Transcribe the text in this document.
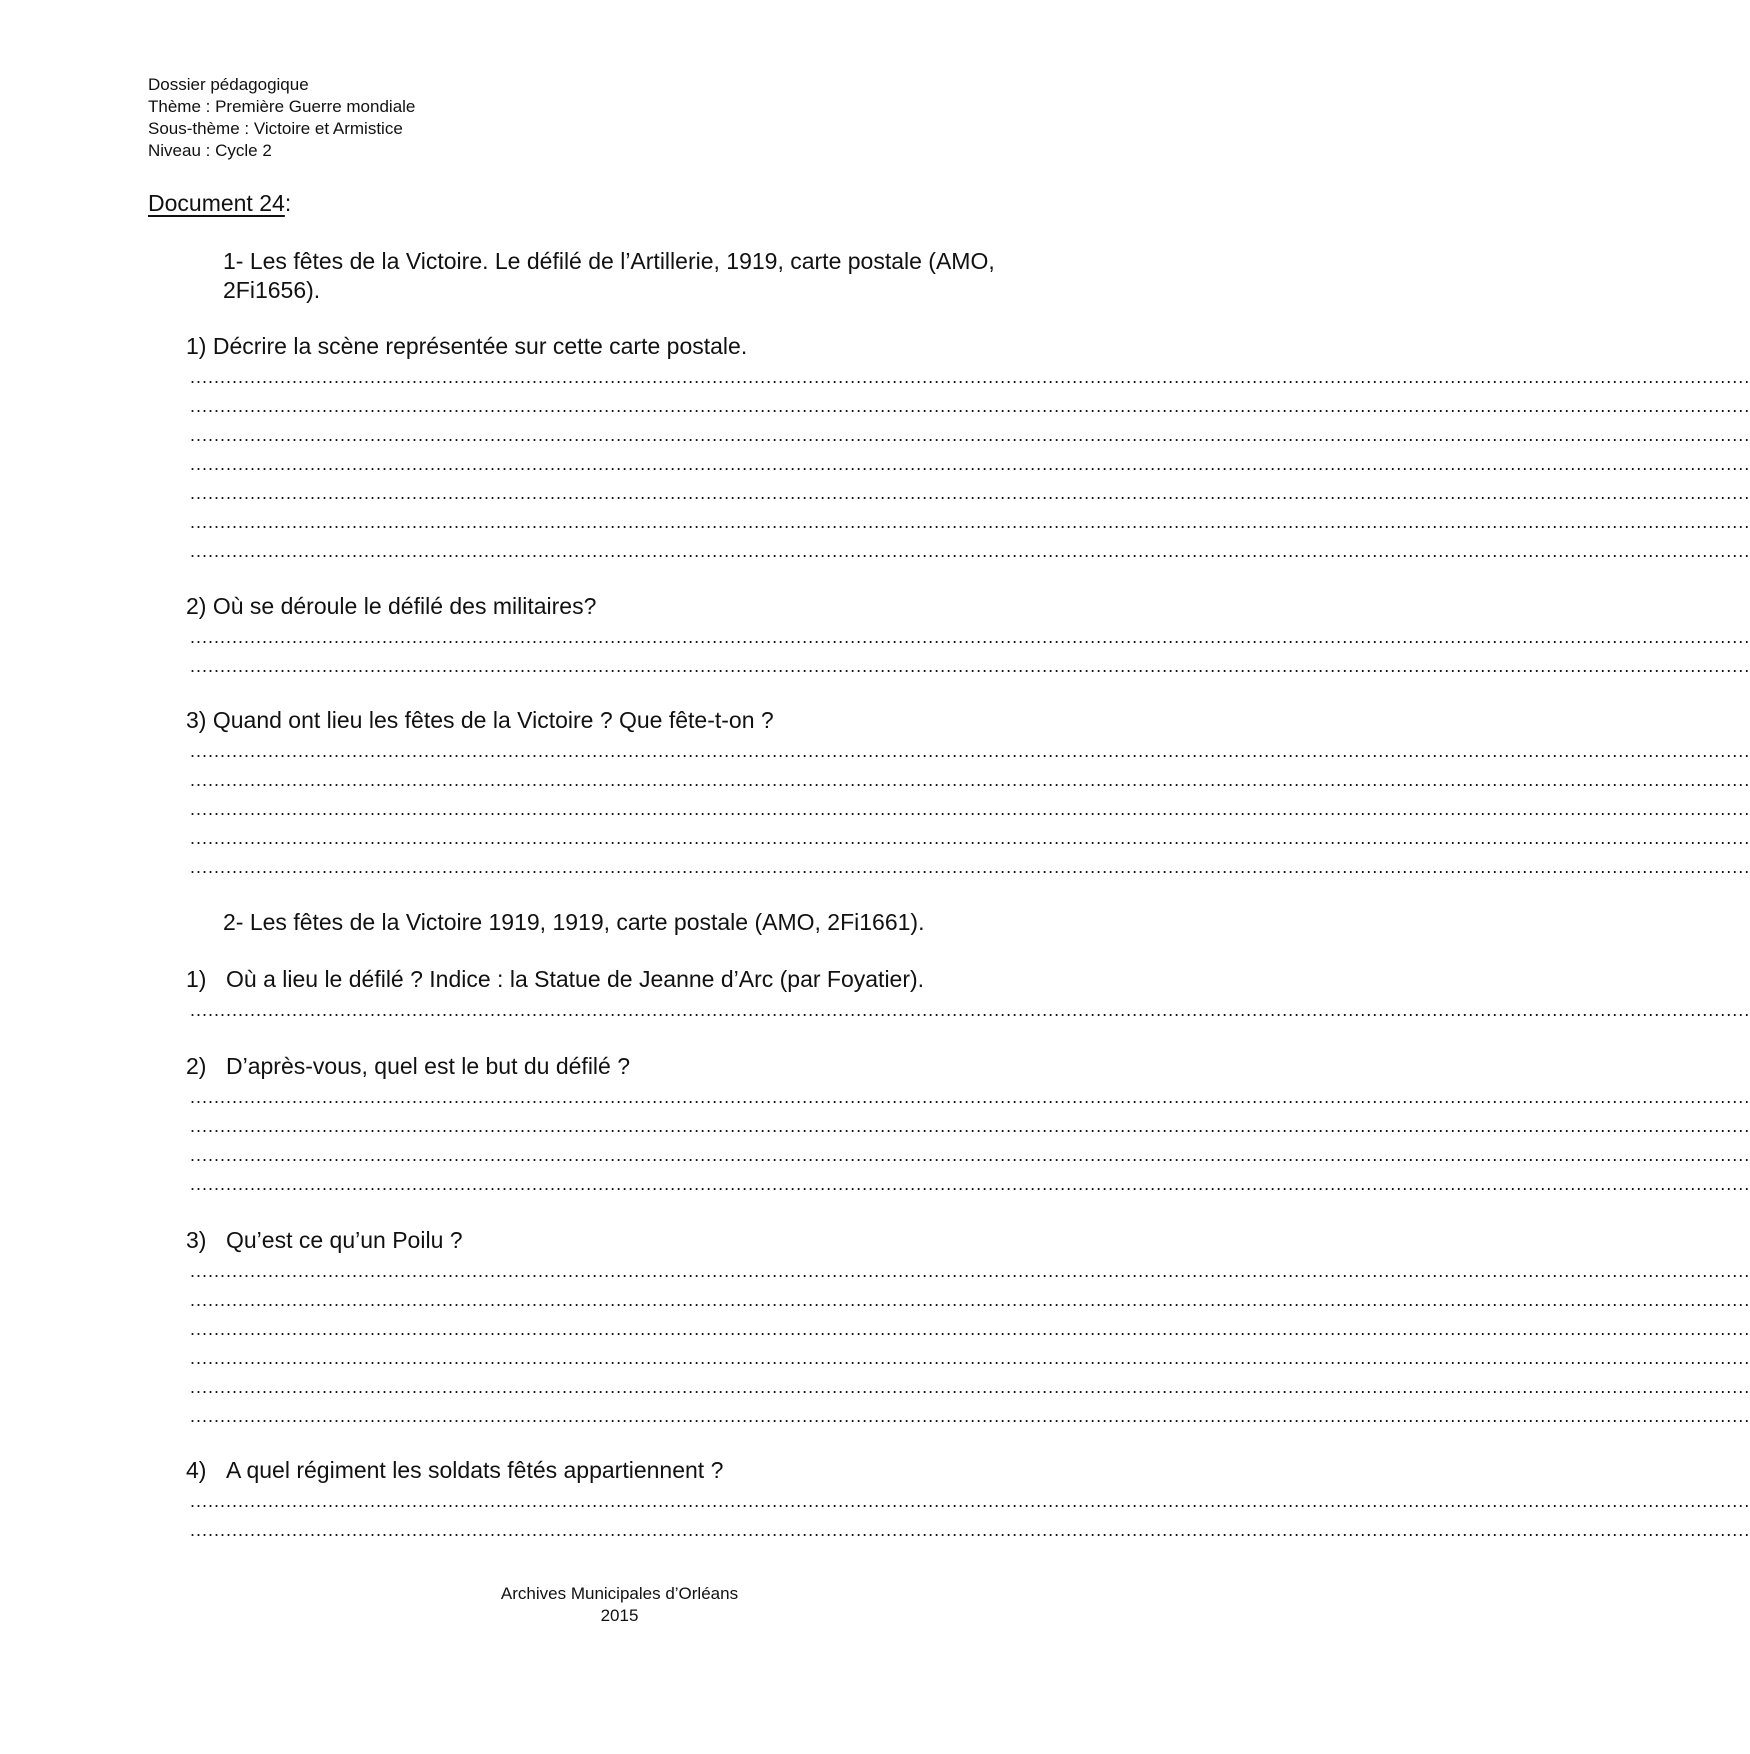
Dossier pédagogique
Thème : Première Guerre mondiale
Sous-thème : Victoire et Armistice
Niveau : Cycle 2
Document 24:
1- Les fêtes de la Victoire. Le défilé de l’Artillerie, 1919, carte postale (AMO, 2Fi1656).
1) Décrire la scène représentée sur cette carte postale.
....................................................................................................................................................................................................................................................................
....................................................................................................................................................................................................................................................................
....................................................................................................................................................................................................................................................................
....................................................................................................................................................................................................................................................................
....................................................................................................................................................................................................................................................................
....................................................................................................................................................................................................................................................................
....................................................................................................................................................................................................................................................................
2) Où se déroule le défilé des militaires?
....................................................................................................................................................................................................................................................................
....................................................................................................................................................................................................................................................................
3) Quand ont lieu les fêtes de la Victoire ? Que fête-t-on ?
....................................................................................................................................................................................................................................................................
....................................................................................................................................................................................................................................................................
....................................................................................................................................................................................................................................................................
....................................................................................................................................................................................................................................................................
....................................................................................................................................................................................................................................................................
2- Les fêtes de la Victoire 1919, 1919, carte postale (AMO, 2Fi1661).
1) Où a lieu le défilé ? Indice : la Statue de Jeanne d’Arc (par Foyatier).
....................................................................................................................................................................................................................................................................
2) D’après-vous, quel est le but du défilé ?
....................................................................................................................................................................................................................................................................
....................................................................................................................................................................................................................................................................
....................................................................................................................................................................................................................................................................
....................................................................................................................................................................................................................................................................
3) Qu’est ce qu’un Poilu ?
....................................................................................................................................................................................................................................................................
....................................................................................................................................................................................................................................................................
....................................................................................................................................................................................................................................................................
....................................................................................................................................................................................................................................................................
....................................................................................................................................................................................................................................................................
....................................................................................................................................................................................................................................................................
4) A quel régiment les soldats fêtés appartiennent ?
....................................................................................................................................................................................................................................................................
....................................................................................................................................................................................................................................................................
Archives Municipales d’Orléans
2015
